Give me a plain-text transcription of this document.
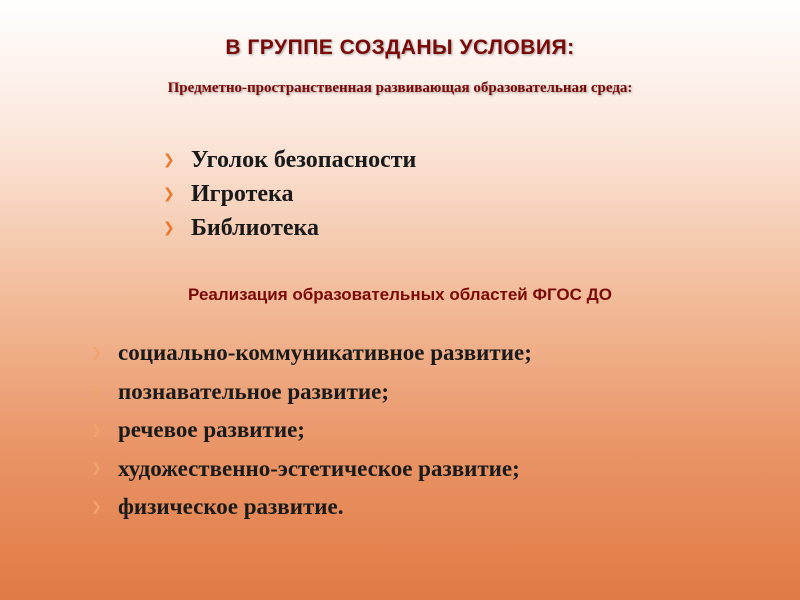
В ГРУППЕ СОЗДАНЫ УСЛОВИЯ:
Предметно-пространственная развивающая образовательная среда:
❯ Уголок безопасности
❯ Игротека
❯ Библиотека
Реализация образовательных областей ФГОС ДО
❯ социально-коммуникативное развитие;
❯ познавательное развитие;
❯ речевое развитие;
❯ художественно-эстетическое развитие;
❯ физическое развитие.
